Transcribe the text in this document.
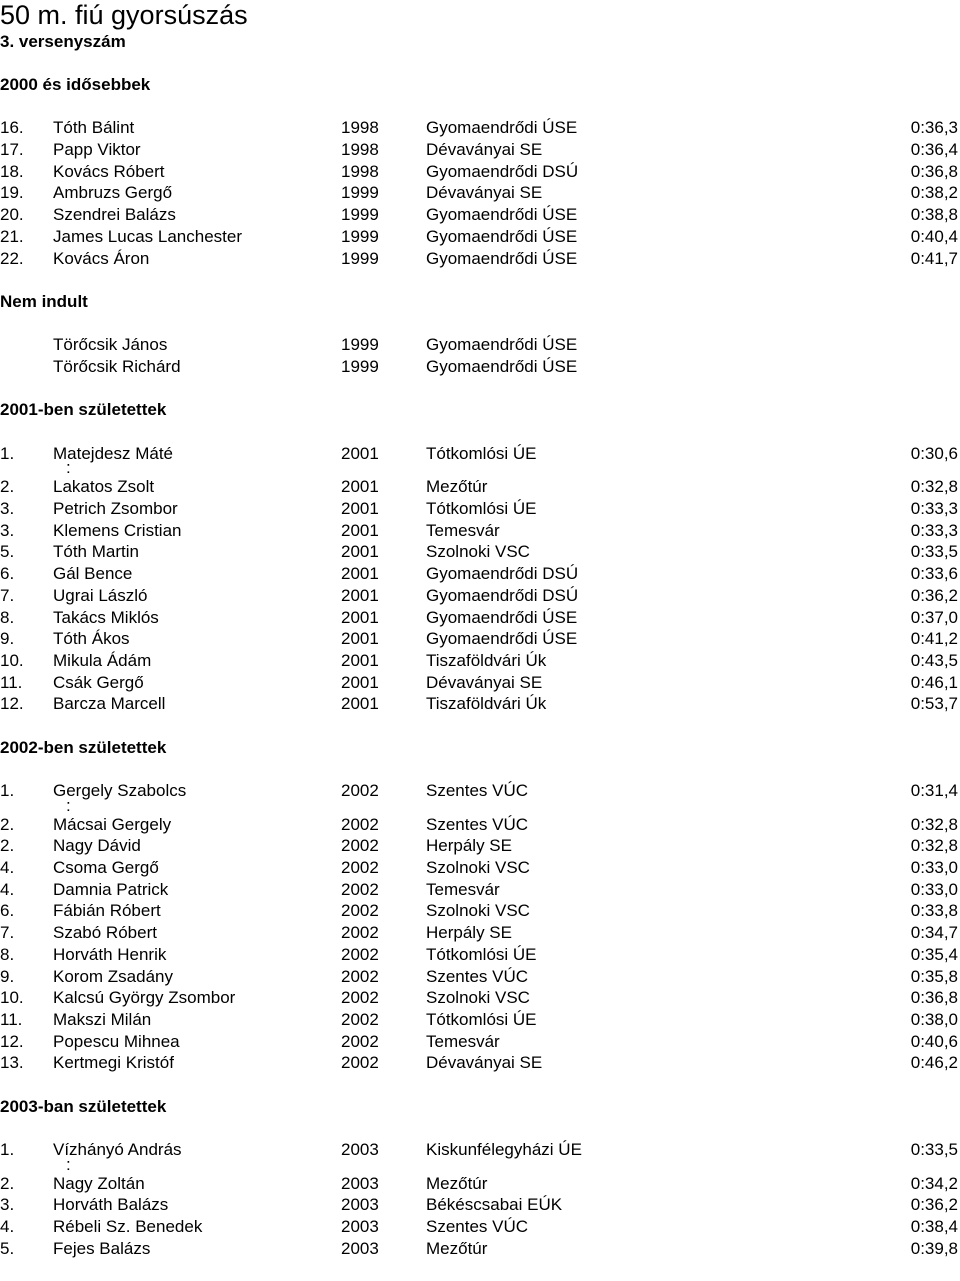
50 m. fiú gyorsúszás
3. versenyszám
2000 és idősebbek
16. Tóth Bálint	1998	Gyomaendrődi ÚSE	0:36,3
17. Papp Viktor	1998	Dévaványai SE	0:36,4
18. Kovács Róbert	1998	Gyomaendrődi DSÚ	0:36,8
19. Ambruzs Gergő	1999	Dévaványai SE	0:38,2
20. Szendrei Balázs	1999	Gyomaendrődi ÚSE	0:38,8
21. James Lucas Lanchester	1999	Gyomaendrődi ÚSE	0:40,4
22. Kovács Áron	1999	Gyomaendrődi ÚSE	0:41,7
Nem indult
Törőcsik János	1999	Gyomaendrődi ÚSE
Törőcsik Richárd	1999	Gyomaendrődi ÚSE
2001-ben születettek
1. Matejdesz Máté	2001	Tótkomlósi ÚE	0:30,6
:
2. Lakatos Zsolt	2001	Mezőtúr	0:32,8
3. Petrich Zsombor	2001	Tótkomlósi ÚE	0:33,3
3. Klemens Cristian	2001	Temesvár	0:33,3
5. Tóth Martin	2001	Szolnoki VSC	0:33,5
6. Gál Bence	2001	Gyomaendrődi DSÚ	0:33,6
7. Ugrai László	2001	Gyomaendrődi DSÚ	0:36,2
8. Takács Miklós	2001	Gyomaendrődi ÚSE	0:37,0
9. Tóth Ákos	2001	Gyomaendrődi ÚSE	0:41,2
10. Mikula Ádám	2001	Tiszaföldvári Úk	0:43,5
11. Csák Gergő	2001	Dévaványai SE	0:46,1
12. Barcza Marcell	2001	Tiszaföldvári Úk	0:53,7
2002-ben születettek
1. Gergely Szabolcs	2002	Szentes VÚC	0:31,4
:
2. Mácsai Gergely	2002	Szentes VÚC	0:32,8
2. Nagy Dávid	2002	Herpály SE	0:32,8
4. Csoma Gergő	2002	Szolnoki VSC	0:33,0
4. Damnia Patrick	2002	Temesvár	0:33,0
6. Fábián Róbert	2002	Szolnoki VSC	0:33,8
7. Szabó Róbert	2002	Herpály SE	0:34,7
8. Horváth Henrik	2002	Tótkomlósi ÚE	0:35,4
9. Korom Zsadány	2002	Szentes VÚC	0:35,8
10. Kalcsú György Zsombor	2002	Szolnoki VSC	0:36,8
11. Makszi Milán	2002	Tótkomlósi ÚE	0:38,0
12. Popescu Mihnea	2002	Temesvár	0:40,6
13. Kertmegi Kristóf	2002	Dévaványai SE	0:46,2
2003-ban születettek
1. Vízhányó András	2003	Kiskunfélegyházi ÚE	0:33,5
:
2. Nagy Zoltán	2003	Mezőtúr	0:34,2
3. Horváth Balázs	2003	Békéscsabai EÚK	0:36,2
4. Rébeli Sz. Benedek	2003	Szentes VÚC	0:38,4
5. Fejes Balázs	2003	Mezőtúr	0:39,8
